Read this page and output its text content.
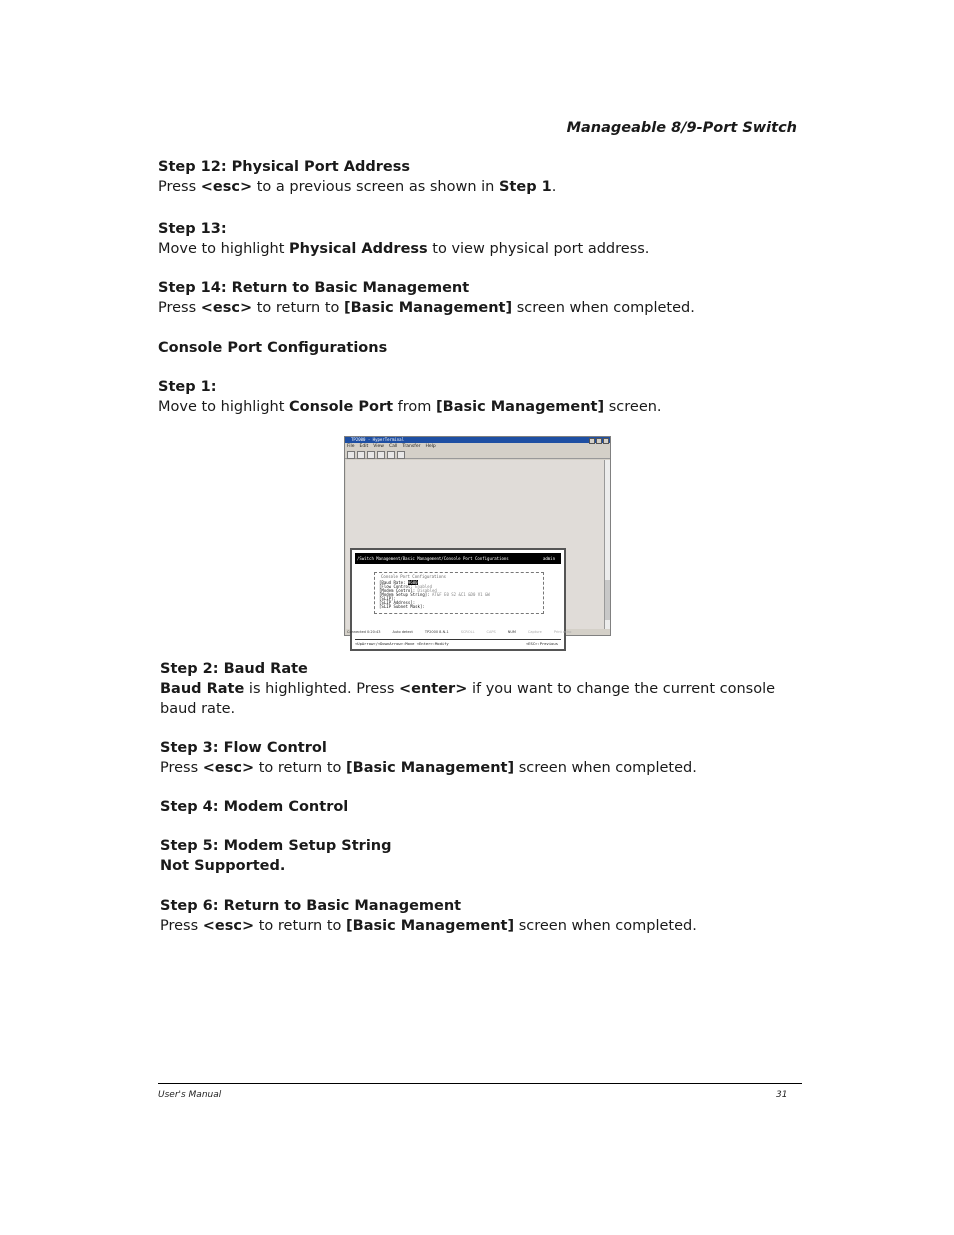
Manageable 8/9-Port Switch
Step 12: Physical Port Address
Press <esc> to a previous screen as shown in Step 1.
Step 13:
Move to highlight Physical Address to view physical port address.
Step 14: Return to Basic Management
Press <esc> to return to [Basic Management] screen when completed.
Console Port Configurations
Step 1:
Move to highlight Console Port from [Basic Management] screen.
TP2000 - HyperTerminal
File Edit View Call Transfer Help
/Switch Management/Basic Management/Console Port Configurations	admin
Console Port Configurations
[Baud Rate: 9600
[Flow Control: Enabled
[Modem Control: Disabled
[Modem Setup String]: AT&F E0 S2 &C1 &D0 V1 &W
[SLIP]:
[SLIP Address]:
[SLIP Subnet Mask]:
<UpArrow>/<DownArrow>:Move <Enter>:Modify	<ESC>:Previous
Connected 0:20:43	Auto detect	TP2000 8-N-1	SCROLL	CAPS	NUM	Capture	Print echo
Step 2: Baud Rate
Baud Rate is highlighted. Press <enter> if you want to change the current console baud rate.
Step 3: Flow Control
Press <esc> to return to [Basic Management] screen when completed.
Step 4: Modem Control
Step 5: Modem Setup String
Not Supported.
Step 6: Return to Basic Management
Press <esc> to return to [Basic Management] screen when completed.
User's Manual	31
